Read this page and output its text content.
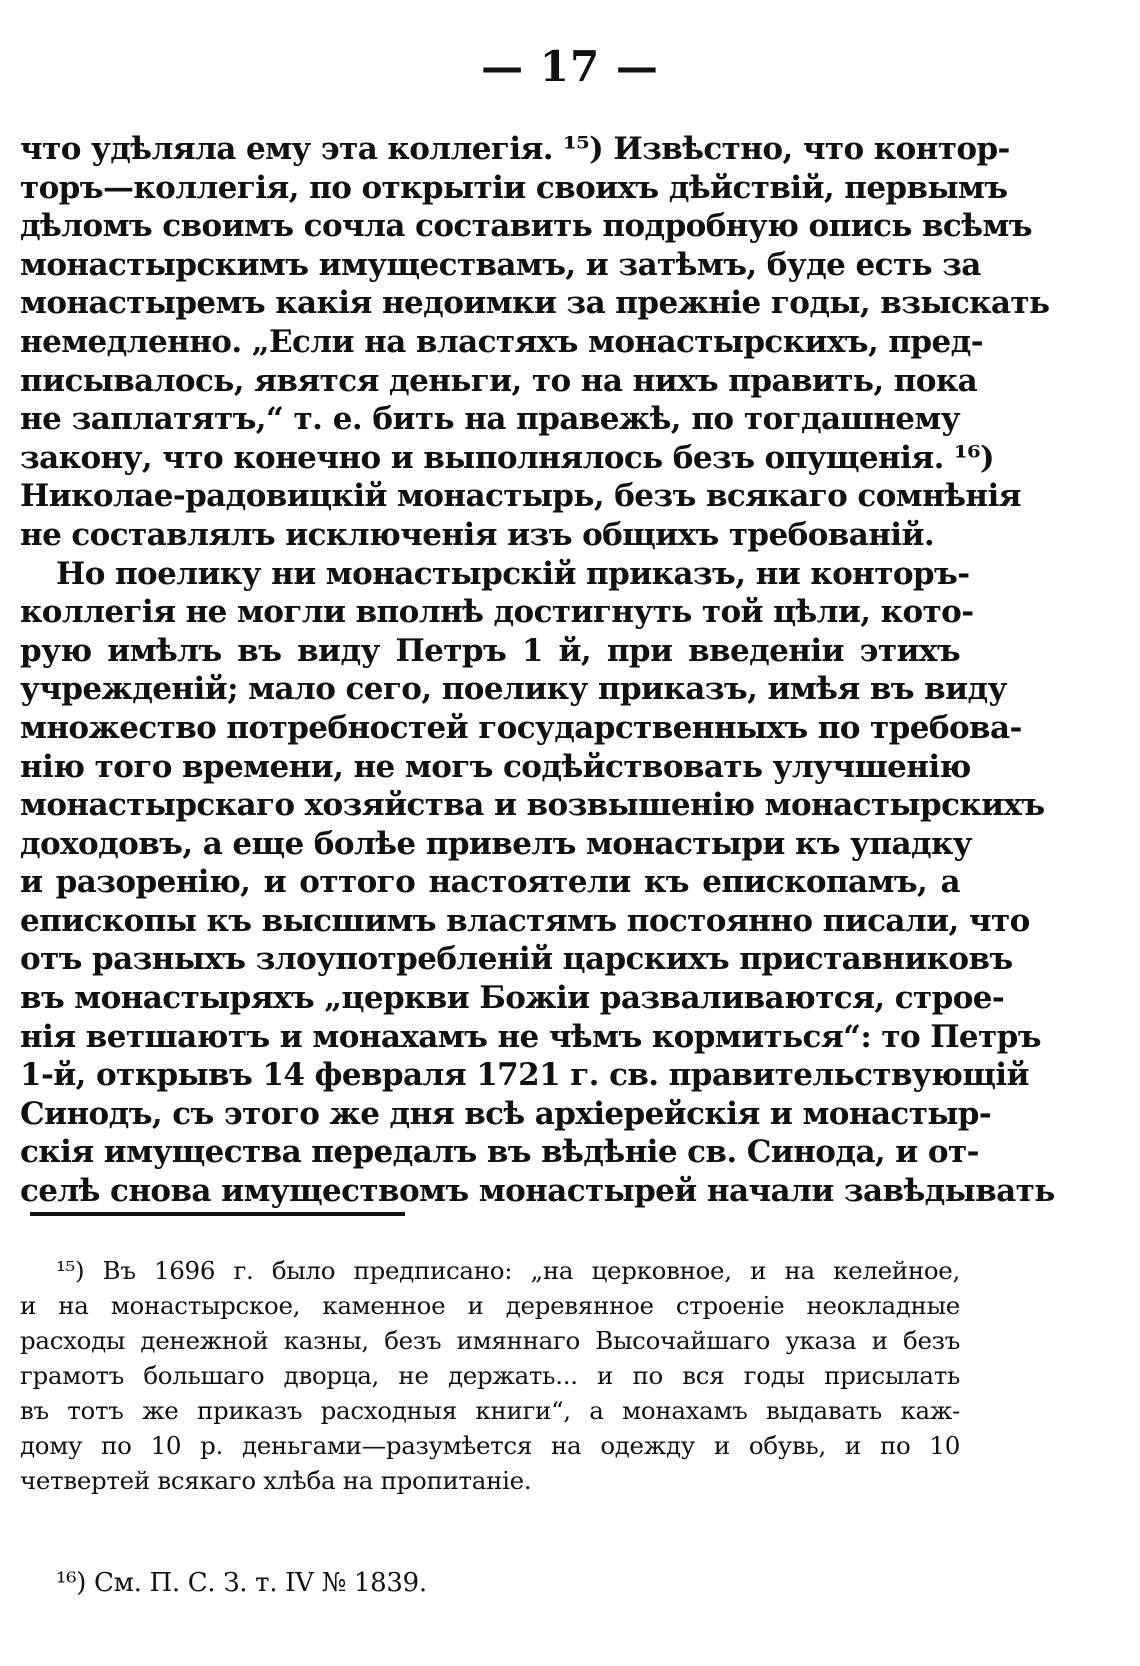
— 17 —
что удѣляла ему эта коллегія. ¹⁵) Извѣстно, что контор-
торъ—коллегія, по открытіи своихъ дѣйствій, первымъ
дѣломъ своимъ сочла составить подробную опись всѣмъ
монастырскимъ имуществамъ, и затѣмъ, буде есть за
монастыремъ какія недоимки за прежніе годы, взыскать
немедленно. „Если на властяхъ монастырскихъ, пред-
писывалось, явятся деньги, то на нихъ править, пока
не заплатятъ,“ т. е. бить на правежѣ, по тогдашнему
закону, что конечно и выполнялось безъ опущенія. ¹⁶)
Николае-радовицкій монастырь, безъ всякаго сомнѣнія
не составлялъ исключенія изъ общихъ требованій.
Но поелику ни монастырскій приказъ, ни конторъ-
коллегія не могли вполнѣ достигнуть той цѣли, кото-
рую имѣлъ въ виду Петръ 1 й, при введеніи этихъ
учрежденій; мало сего, поелику приказъ, имѣя въ виду
множество потребностей государственныхъ по требова-
нію того времени, не могъ содѣйствовать улучшенію
монастырскаго хозяйства и возвышенію монастырскихъ
доходовъ, а еще болѣе привелъ монастыри къ упадку
и разоренію, и оттого настоятели къ епископамъ, а
епископы къ высшимъ властямъ постоянно писали, что
отъ разныхъ злоупотребленій царскихъ приставниковъ
въ монастыряхъ „церкви Божіи разваливаются, строе-
нія ветшаютъ и монахамъ не чѣмъ кормиться“: то Петръ
1-й, открывъ 14 февраля 1721 г. св. правительствующій
Синодъ, съ этого же дня всѣ архіерейскія и монастыр-
скія имущества передалъ въ вѣдѣніе св. Синода, и от-
селѣ снова имуществомъ монастырей начали завѣдывать
¹⁵) Въ 1696 г. было предписано: „на церковное, и на келейное,
и на монастырское, каменное и деревянное строеніе неокладные
расходы денежной казны, безъ имяннаго Высочайшаго указа и безъ
грамотъ большаго дворца, не держать... и по вся годы присылать
въ тотъ же приказъ расходныя книги“, а монахамъ выдавать каж-
дому по 10 р. деньгами—разумѣется на одежду и обувь, и по 10
четвертей всякаго хлѣба на пропитаніе.
¹⁶) См. П. С. З. т. IV № 1839.
